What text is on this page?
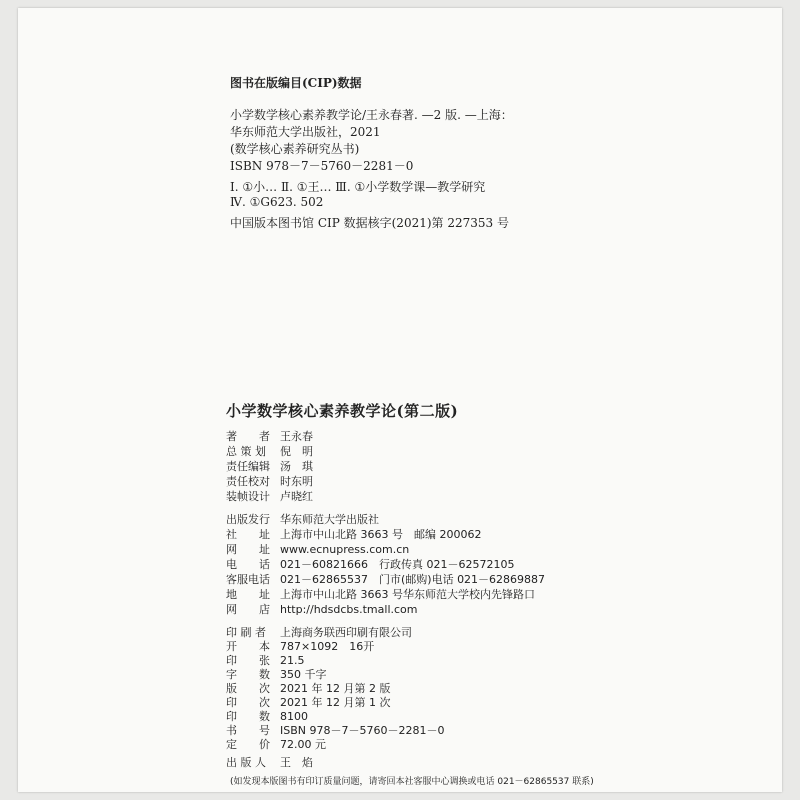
图书在版编目(CIP)数据
小学数学核心素养教学论/王永春著. —2 版. —上海：
华东师范大学出版社，2021
(数学核心素养研究丛书)
ISBN 978－7－5760－2281－0
Ⅰ. ①小… Ⅱ. ①王… Ⅲ. ①小学数学课—教学研究
Ⅳ. ①G623. 502
中国版本图书馆 CIP 数据核字(2021)第 227353 号
小学数学核心素养教学论(第二版)
著　　者 王永春
总 策 划 倪　明
责任编辑 汤　琪
责任校对 时东明
装帧设计 卢晓红
出版发行 华东师范大学出版社
社　　址 上海市中山北路 3663 号　邮编 200062
网　　址 www.ecnupress.com.cn
电　　话 021－60821666　行政传真 021－62572105
客服电话 021－62865537　门市(邮购)电话 021－62869887
地　　址 上海市中山北路 3663 号华东师范大学校内先锋路口
网　　店 http://hdsdcbs.tmall.com
印 刷 者 上海商务联西印刷有限公司
开　　本 787×1092　16开
印　　张 21.5
字　　数 350 千字
版　　次 2021 年 12 月第 2 版
印　　次 2021 年 12 月第 1 次
印　　数 8100
书　　号 ISBN 978－7－5760－2281－0
定　　价 72.00 元
出 版 人 王　焰
(如发现本版图书有印订质量问题，请寄回本社客服中心调换或电话 021－62865537 联系)
